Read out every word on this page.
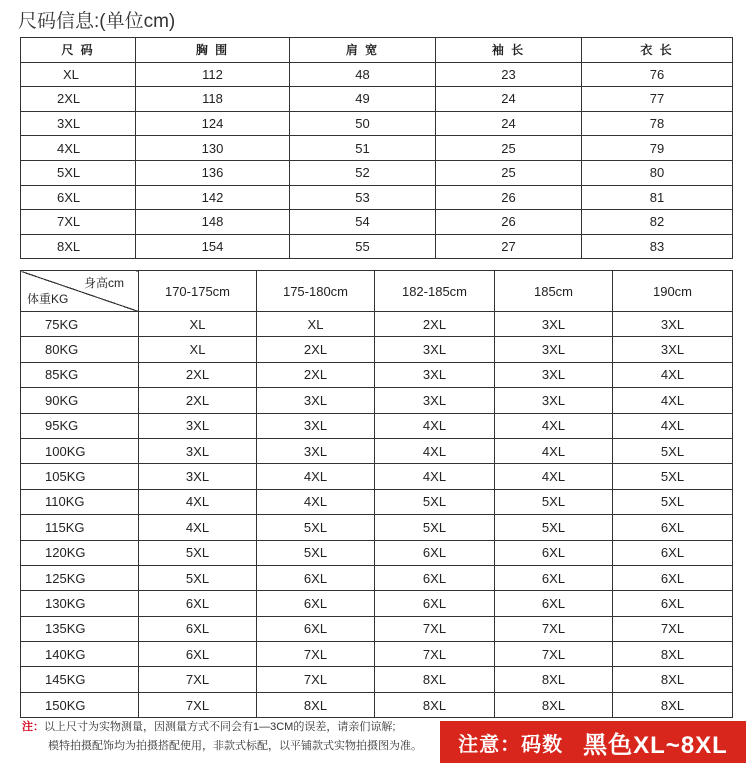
尺码信息:(单位cm)
尺 码	胸 围	肩 宽	袖 长	衣 长
XL	112	48	23	76
2XL	118	49	24	77
3XL	124	50	24	78
4XL	130	51	25	79
5XL	136	52	25	80
6XL	142	53	26	81
7XL	148	54	26	82
8XL	154	55	27	83
身高cm
体重KG	170-175cm	175-180cm	182-185cm	185cm	190cm
75KG	XL	XL	2XL	3XL	3XL
80KG	XL	2XL	3XL	3XL	3XL
85KG	2XL	2XL	3XL	3XL	4XL
90KG	2XL	3XL	3XL	3XL	4XL
95KG	3XL	3XL	4XL	4XL	4XL
100KG	3XL	3XL	4XL	4XL	5XL
105KG	3XL	4XL	4XL	4XL	5XL
110KG	4XL	4XL	5XL	5XL	5XL
115KG	4XL	5XL	5XL	5XL	6XL
120KG	5XL	5XL	6XL	6XL	6XL
125KG	5XL	6XL	6XL	6XL	6XL
130KG	6XL	6XL	6XL	6XL	6XL
135KG	6XL	6XL	7XL	7XL	7XL
140KG	6XL	7XL	7XL	7XL	8XL
145KG	7XL	7XL	8XL	8XL	8XL
150KG	7XL	8XL	8XL	8XL	8XL
注：以上尺寸为实物测量，因测量方式不同会有1—3CM的误差，请亲们谅解;
模特拍摄配饰均为拍摄搭配使用，非款式标配，以平铺款式实物拍摄图为准。	注意：码数 黑色XL~8XL
